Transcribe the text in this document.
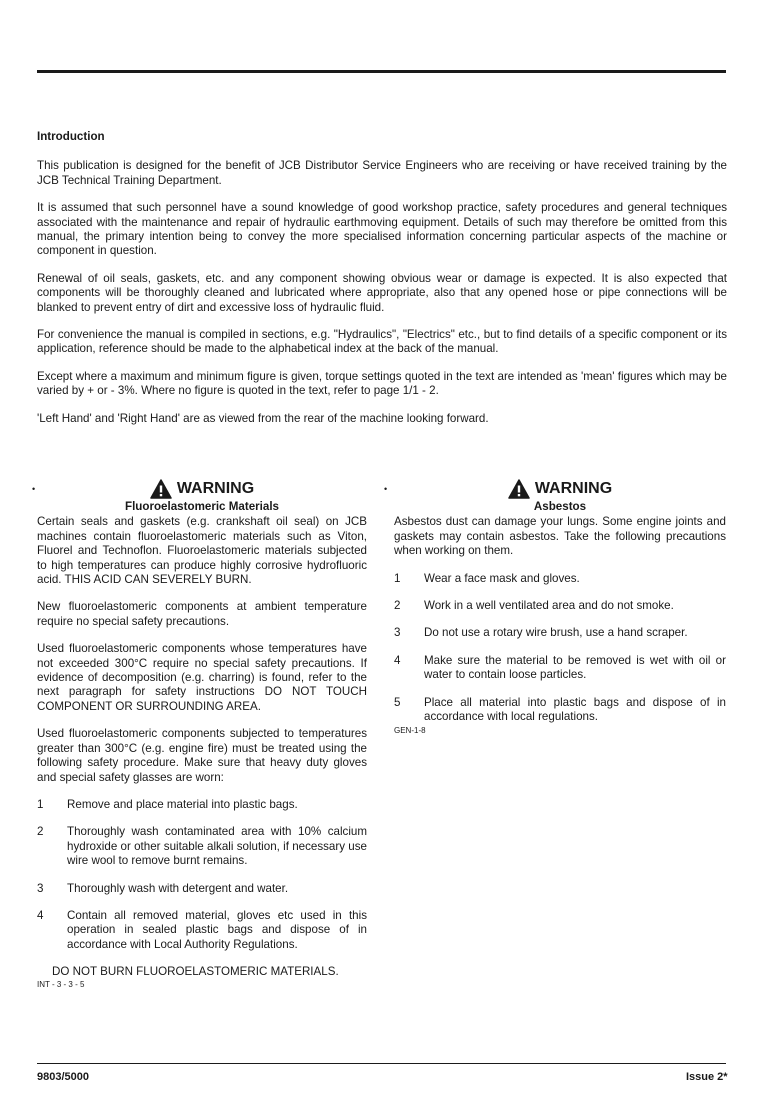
Introduction

This publication is designed for the benefit of JCB Distributor Service Engineers who are receiving or have received training by the JCB Technical Training Department.

It is assumed that such personnel have a sound knowledge of good workshop practice, safety procedures and general techniques associated with the maintenance and repair of hydraulic earthmoving equipment. Details of such may therefore be omitted from this manual, the primary intention being to convey the more specialised information concerning particular aspects of the machine or component in question.

Renewal of oil seals, gaskets, etc. and any component showing obvious wear or damage is expected. It is also expected that components will be thoroughly cleaned and lubricated where appropriate, also that any opened hose or pipe connections will be blanked to prevent entry of dirt and excessive loss of hydraulic fluid.

For convenience the manual is compiled in sections, e.g. "Hydraulics", "Electrics" etc., but to find details of a specific component or its application, reference should be made to the alphabetical index at the back of the manual.

Except where a maximum and minimum figure is given, torque settings quoted in the text are intended as 'mean' figures which may be varied by + or - 3%. Where no figure is quoted in the text, refer to page 1/1 - 2.

'Left Hand' and 'Right Hand' are as viewed from the rear of the machine looking forward.

•	•
WARNING
Fluoroelastomeric Materials

Certain seals and gaskets (e.g. crankshaft oil seal) on JCB machines contain fluoroelastomeric materials such as Viton, Fluorel and Technoflon. Fluoroelastomeric materials subjected to high temperatures can produce highly corrosive hydrofluoric acid. THIS ACID CAN SEVERELY BURN.

New fluoroelastomeric components at ambient temperature require no special safety precautions.

Used fluoroelastomeric components whose temperatures have not exceeded 300°C require no special safety precautions. If evidence of decomposition (e.g. charring) is found, refer to the next paragraph for safety instructions DO NOT TOUCH COMPONENT OR SURROUNDING AREA.

Used fluoroelastomeric components subjected to temperatures greater than 300°C (e.g. engine fire) must be treated using the following safety procedure. Make sure that heavy duty gloves and special safety glasses are worn:

1	Remove and place material into plastic bags.
2	Thoroughly wash contaminated area with 10% calcium hydroxide or other suitable alkali solution, if necessary use wire wool to remove burnt remains.
3	Thoroughly wash with detergent and water.
4	Contain all removed material, gloves etc used in this operation in sealed plastic bags and dispose of in accordance with Local Authority Regulations.

DO NOT BURN FLUOROELASTOMERIC MATERIALS.

INT - 3 - 3 - 5

WARNING
Asbestos

Asbestos dust can damage your lungs. Some engine joints and gaskets may contain asbestos. Take the following precautions when working on them.

1	Wear a face mask and gloves.
2	Work in a well ventilated area and do not smoke.
3	Do not use a rotary wire brush, use a hand scraper.
4	Make sure the material to be removed is wet with oil or water to contain loose particles.
5	Place all material into plastic bags and dispose of in accordance with local regulations.

GEN-1-8

9803/5000	Issue 2*
